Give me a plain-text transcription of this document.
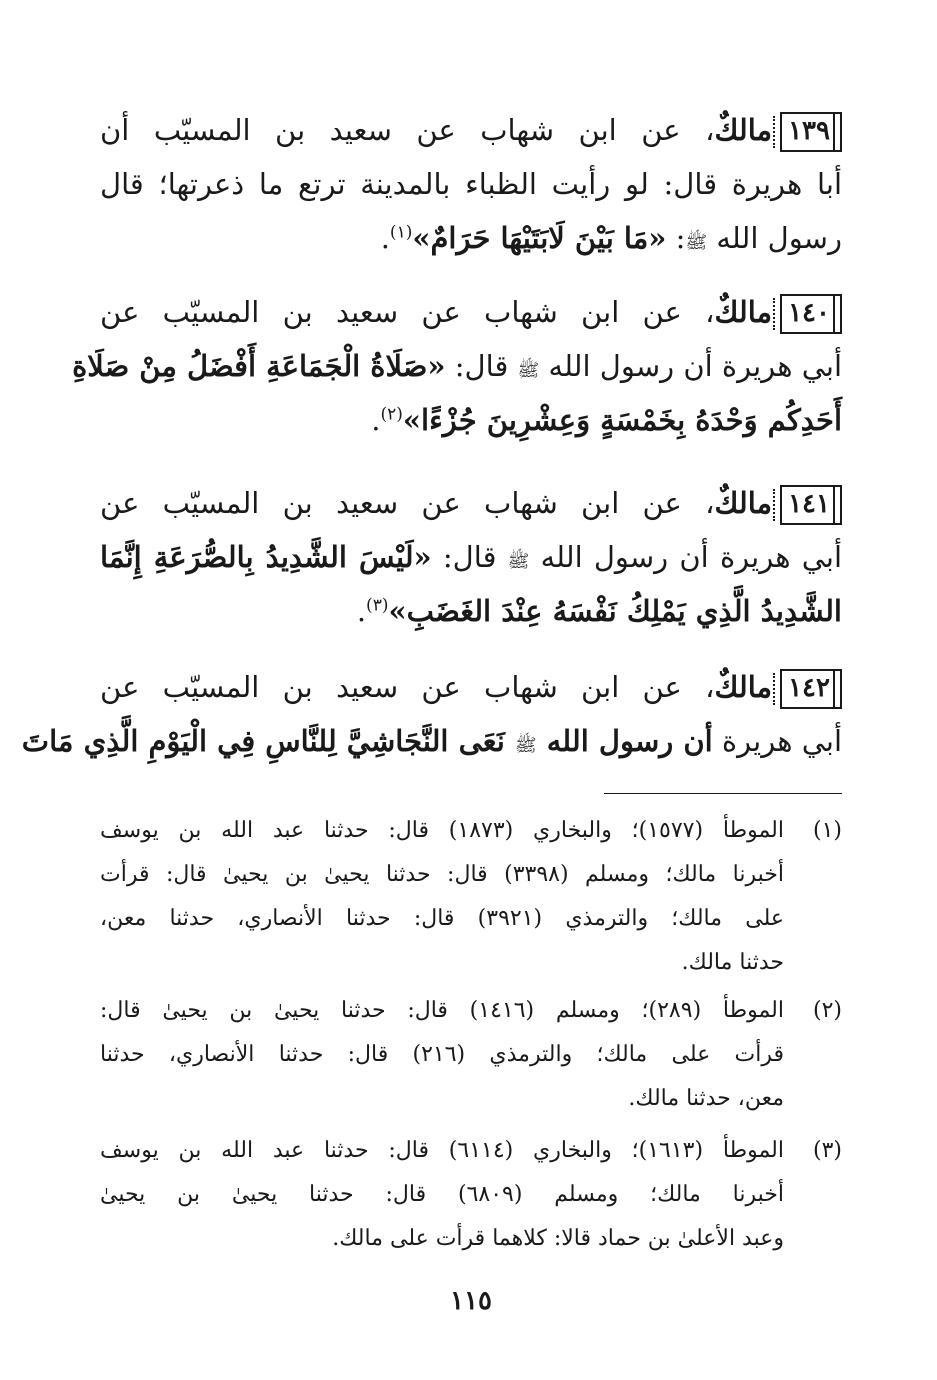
١٣٩مالكٌ، عن ابن شهاب عن سعيد بن المسيّب أن
أبا هريرة قال: لو رأيت الظباء بالمدينة ترتع ما ذعرتها؛ قال
رسول الله ﷺ: «مَا بَيْنَ لَابَتَيْهَا حَرَامٌ»$^{(١)}$.
١٤٠مالكٌ، عن ابن شهاب عن سعيد بن المسيّب عن
أبي هريرة أن رسول الله ﷺ قال: «صَلَاةُ الْجَمَاعَةِ أَفْضَلُ مِنْ صَلَاةِ
أَحَدِكُم وَحْدَهُ بِخَمْسَةٍ وَعِشْرِينَ جُزْءًا»$^{(٢)}$.
١٤١مالكٌ، عن ابن شهاب عن سعيد بن المسيّب عن
أبي هريرة أن رسول الله ﷺ قال: «لَيْسَ الشَّدِيدُ بِالصُّرَعَةِ إِنَّمَا
الشَّدِيدُ الَّذِي يَمْلِكُ نَفْسَهُ عِنْدَ الغَضَبِ»$^{(٣)}$.
١٤٢مالكٌ، عن ابن شهاب عن سعيد بن المسيّب عن
أبي هريرة أن رسول الله ﷺ نَعَى النَّجَاشِيَّ لِلنَّاسِ فِي الْيَوْمِ الَّذِي مَاتَ
(١)
الموطأ (١٥٧٧)؛ والبخاري (١٨٧٣) قال: حدثنا عبد الله بن يوسف
أخبرنا مالك؛ ومسلم (٣٣٩٨) قال: حدثنا يحيىٰ بن يحيىٰ قال: قرأت
على مالك؛ والترمذي (٣٩٢١) قال: حدثنا الأنصاري، حدثنا معن،
حدثنا مالك.
(٢)
الموطأ (٢٨٩)؛ ومسلم (١٤١٦) قال: حدثنا يحيىٰ بن يحيىٰ قال:
قرأت على مالك؛ والترمذي (٢١٦) قال: حدثنا الأنصاري، حدثنا
معن، حدثنا مالك.
(٣)
الموطأ (١٦١٣)؛ والبخاري (٦١١٤) قال: حدثنا عبد الله بن يوسف
أخبرنا مالك؛ ومسلم (٦٨٠٩) قال: حدثنا يحيىٰ بن يحيىٰ
وعبد الأعلىٰ بن حماد قالا: كلاهما قرأت على مالك.
١١٥
